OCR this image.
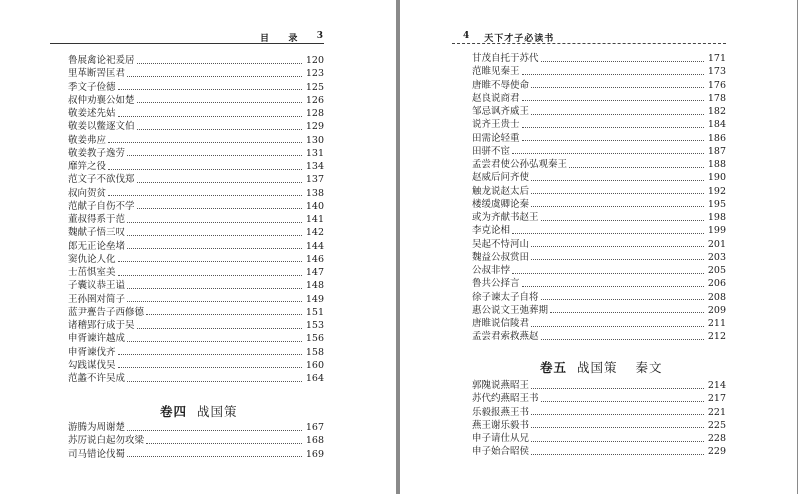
目 录 3
鲁展禽论祀爰居	120
里革断罟匡君	123
季文子俭德	125
叔仲劝襄公如楚	126
敬姜述先姑	128
敬姜以鳖逐文伯	129
敬姜弗应	130
敬姜教子逸劳	131
靡笄之役	134
范文子不欲伐郑	137
叔向贺贫	138
范献子自伤不学	140
董叔得系于范	141
魏献子悟三叹	142
郎无正论垒堵	144
窦仇论人化	146
士茁惧室美	147
子囊议恭王谥	148
王孙圉对简子	149
蓝尹亹告子西修德	151
诸稽郢行成于吴	153
申胥谏许越成	156
申胥谏伐齐	158
勾践谋伐吴	160
范蠡不许吴成	164
卷四 战国策
游腾为周谢楚	167
苏厉说白起勿攻梁	168
司马错论伐蜀	169
4 天下才子必读书
甘茂自托于苏代	171
范睢见秦王	173
唐睢不辱使命	176
赵良说商君	178
邹忌讽齐威王	182
说齐王贵士	184
田需论轻重	186
田骈不宦	187
孟尝君使公孙弘观秦王	188
赵威后问齐使	190
触龙说赵太后	192
楼缓虞卿论秦	195
或为齐献书赵王	198
李克论相	199
吴起不恃河山	201
魏益公叔赏田	203
公叔非悖	205
鲁共公择言	206
徐子谏太子自将	208
惠公说文王弛葬期	209
唐睢说信陵君	211
孟尝君索救燕赵	212
卷五 战国策 秦文
郭隗说燕昭王	214
苏代约燕昭王书	217
乐毅报燕王书	221
燕王谢乐毅书	225
申子请仕从兄	228
申子始合昭侯	229
